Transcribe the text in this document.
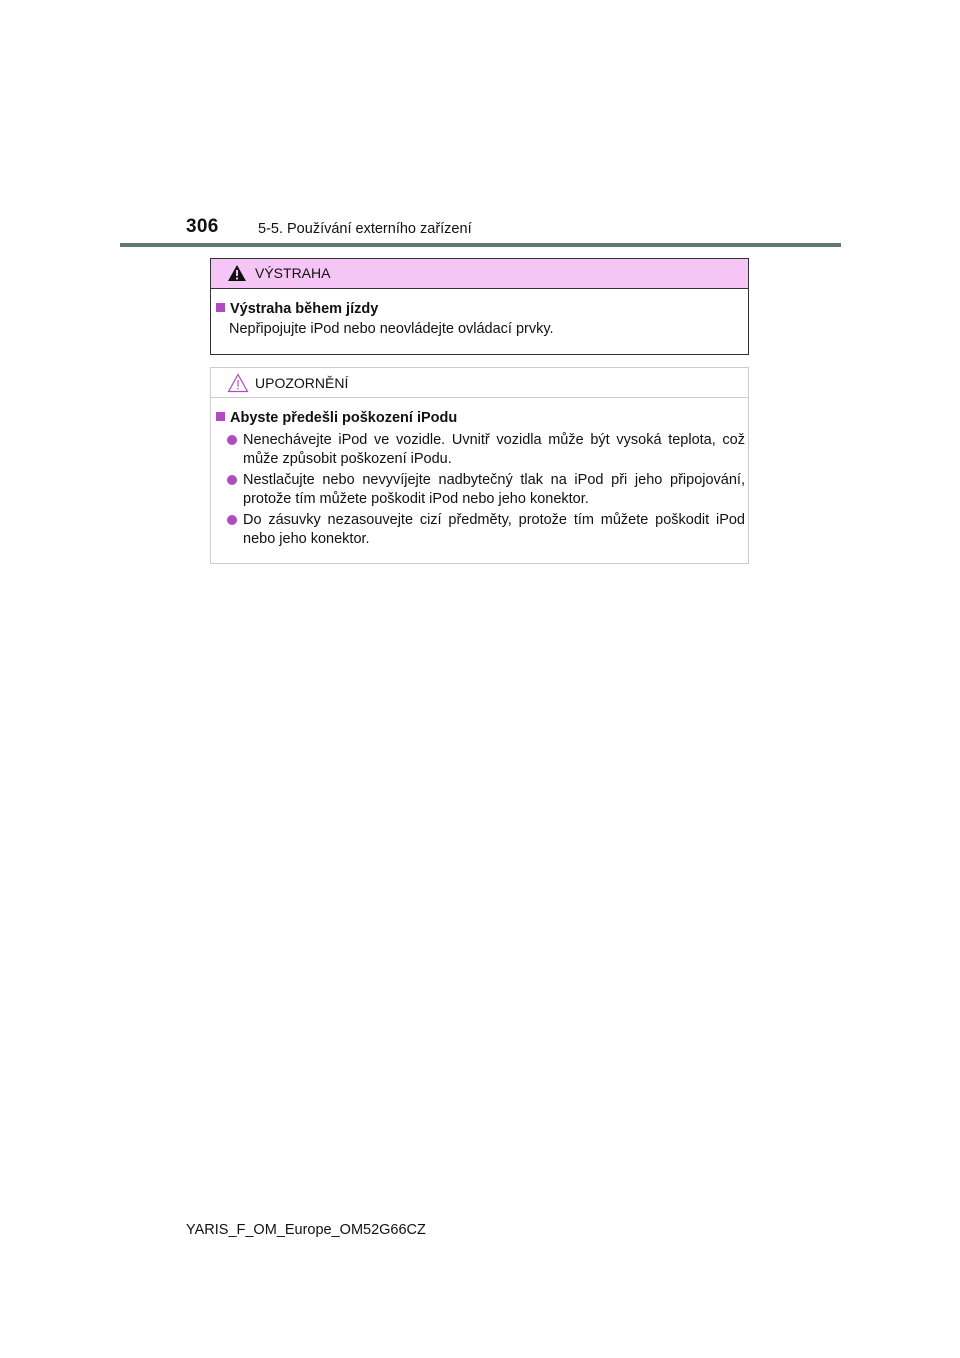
306	5-5. Používání externího zařízení
VÝSTRAHA
Výstraha během jízdy
Nepřipojujte iPod nebo neovládejte ovládací prvky.
UPOZORNĚNÍ
Abyste předešli poškození iPodu
Nenechávejte iPod ve vozidle. Uvnitř vozidla může být vysoká teplota, což může způsobit poškození iPodu.
Nestlačujte nebo nevyvíjejte nadbytečný tlak na iPod při jeho připojování, protože tím můžete poškodit iPod nebo jeho konektor.
Do zásuvky nezasouvejte cizí předměty, protože tím můžete poškodit iPod nebo jeho konektor.
YARIS_F_OM_Europe_OM52G66CZ
